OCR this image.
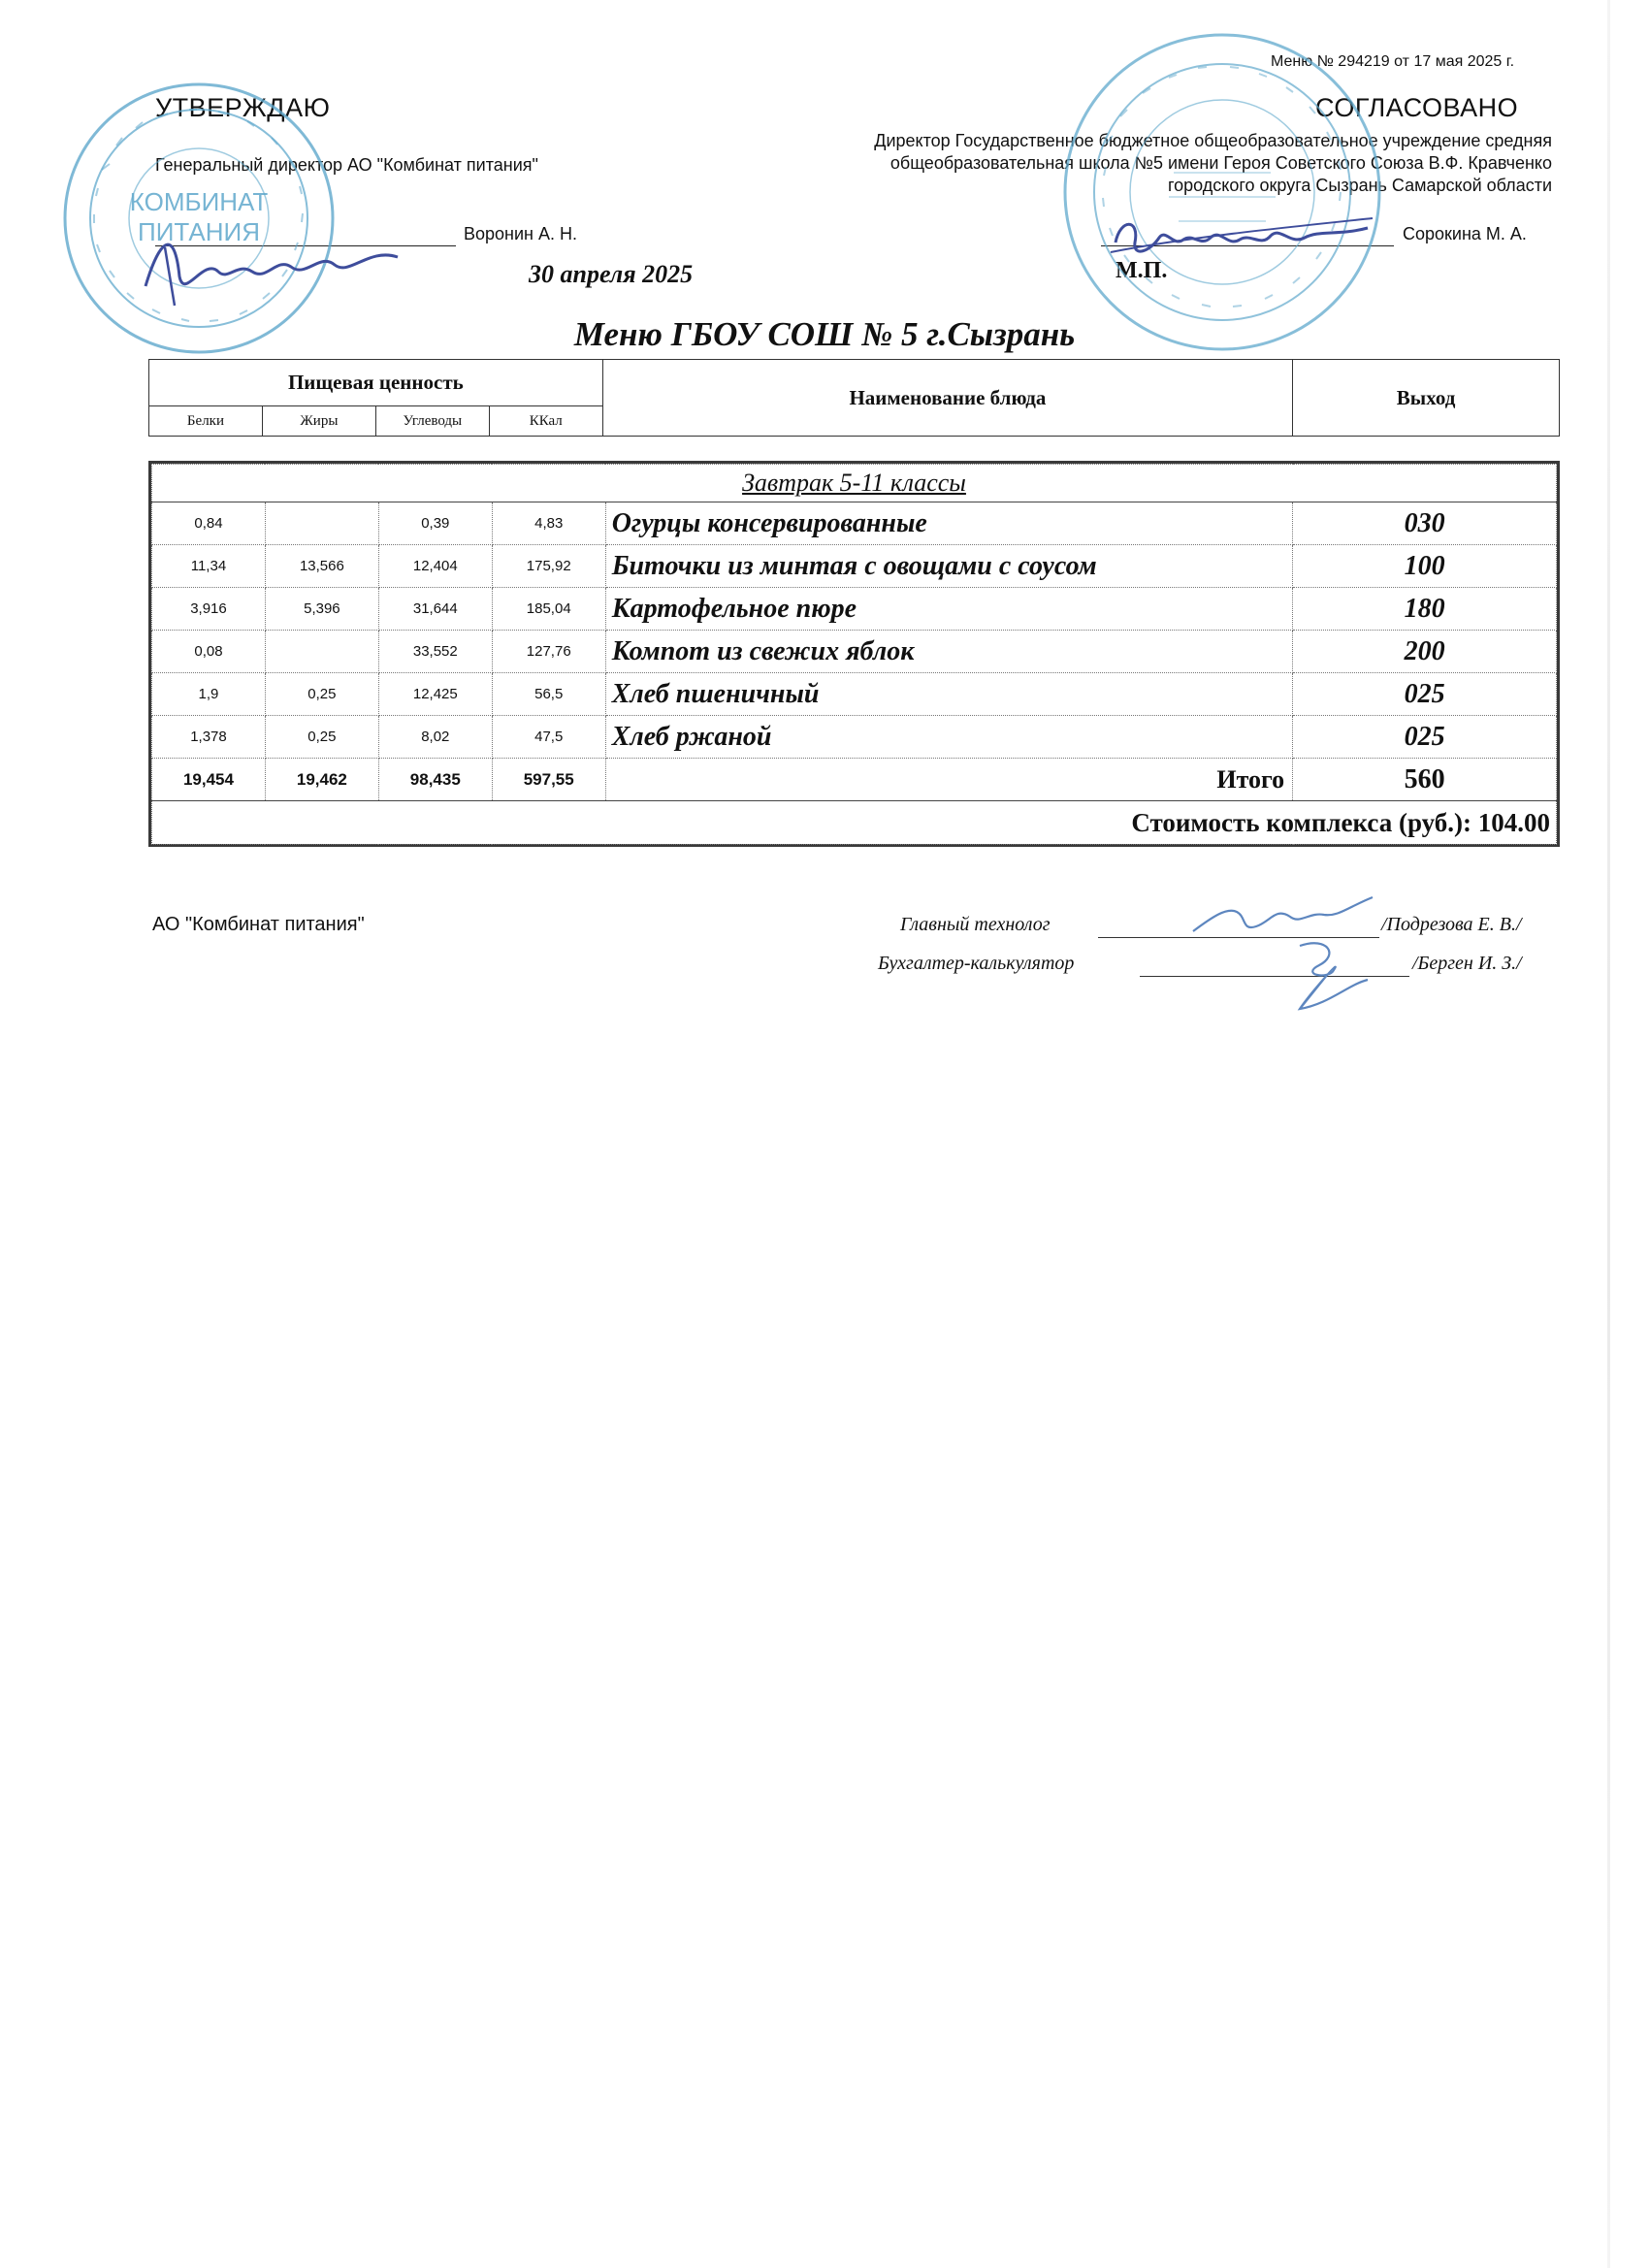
Меню № 294219 от 17 мая 2025 г.
УТВЕРЖДАЮ
Генеральный директор АО "Комбинат питания"
Воронин А. Н.
30 апреля 2025
СОГЛАСОВАНО
Директор Государственное бюджетное общеобразовательное учреждение средняя
общеобразовательная школа №5 имени Героя Советского Союза В.Ф. Кравченко
городского округа Сызрань Самарской области
Сорокина М. А.
М.П.
Меню ГБОУ СОШ № 5 г.Сызрань
Пищевая ценность				Наименование блюда	Выход
Белки	Жиры	Углеводы	ККал		
Завтрак 5-11 классы					
0,84		0,39	4,83	Огурцы консервированные	030
11,34	13,566	12,404	175,92	Биточки из минтая с овощами с соусом	100
3,916	5,396	31,644	185,04	Картофельное пюре	180
0,08		33,552	127,76	Компот из свежих яблок	200
1,9	0,25	12,425	56,5	Хлеб пшеничный	025
1,378	0,25	8,02	47,5	Хлеб ржаной	025
19,454	19,462	98,435	597,55	Итого	560
Стоимость комплекса (руб.): 104.00					
АО "Комбинат питания"	Главный технолог	/Подрезова Е. В./
Бухгалтер-калькулятор	/Берген И. З./
КОМБИНАТ
ПИТАНИЯ
Воронин
Сорокина
